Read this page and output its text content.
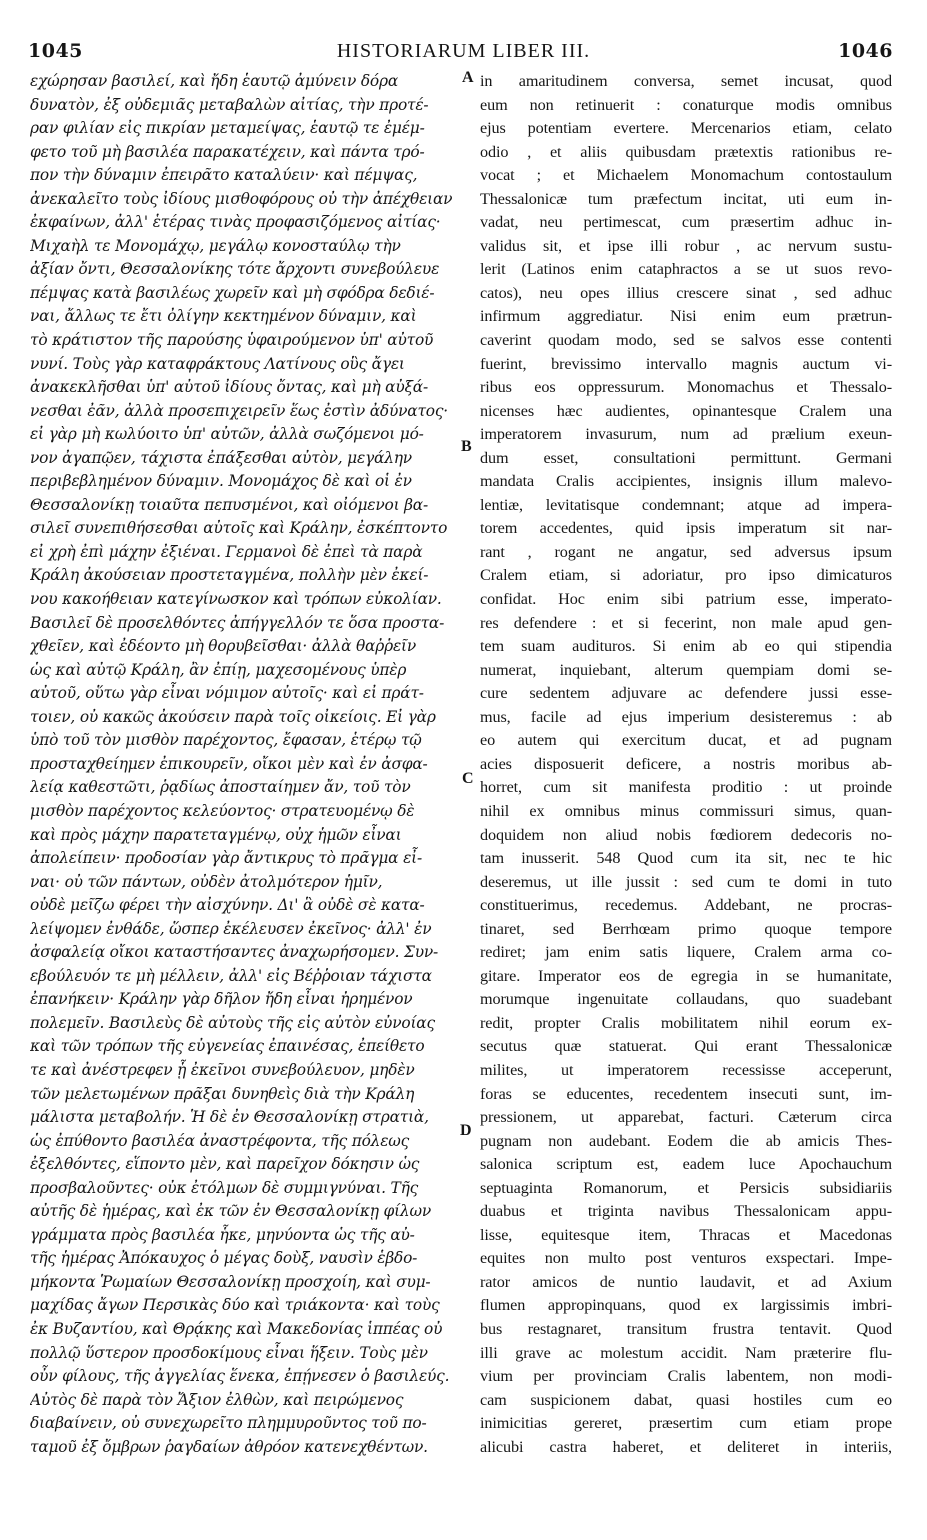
1045	HISTORIARUM LIBER III.	1046
εχώρησαν βασιλεί, καὶ ἤδη ἑαυτῷ ἀμύνειν δόρα
δυνατὸν, ἐξ οὐδεμιᾶς μεταβαλὼν αἰτίας, τὴν προτέ-
ραν φιλίαν εἰς πικρίαν μεταμείψας, ἑαυτῷ τε ἐμέμ-
φετο τοῦ μὴ βασιλέα παρακατέχειν, καὶ πάντα τρό-
πον τὴν δύναμιν ἐπειρᾶτο καταλύειν· καὶ πέμψας,
ἀνεκαλεῖτο τοὺς ἰδίους μισθοφόρους οὐ τὴν ἀπέχθειαν
ἐκφαίνων, ἀλλ' ἑτέρας τινὰς προφασιζόμενος αἰτίας·
Μιχαὴλ τε Μονομάχῳ, μεγάλῳ κονοσταύλῳ τὴν
ἀξίαν ὄντι, Θεσσαλονίκης τότε ἄρχοντι συνεβούλευε
πέμψας κατὰ βασιλέως χωρεῖν καὶ μὴ σφόδρα δεδιέ-
ναι, ἄλλως τε ἔτι ὀλίγην κεκτημένον δύναμιν, καὶ
τὸ κράτιστον τῆς παρούσης ὑφαιρούμενον ὑπ' αὐτοῦ
νυνί. Τοὺς γὰρ καταφράκτους Λατίνους οὓς ἄγει
ἀνακεκλῆσθαι ὑπ' αὐτοῦ ἰδίους ὄντας, καὶ μὴ αὐξά-
νεσθαι ἐᾶν, ἀλλὰ προσεπιχειρεῖν ἕως ἐστὶν ἀδύνατος·
εἰ γὰρ μὴ κωλύοιτο ὑπ' αὐτῶν, ἀλλὰ σωζόμενοι μό-
νον ἀγαπῷεν, τάχιστα ἐπάξεσθαι αὐτὸν, μεγάλην
περιβεβλημένον δύναμιν. Μονομάχος δὲ καὶ οἱ ἐν
Θεσσαλονίκῃ τοιαῦτα πεπυσμένοι, καὶ οἰόμενοι βα-
σιλεῖ συνεπιθήσεσθαι αὐτοῖς καὶ Κράλην, ἐσκέπτοντο
εἰ χρὴ ἐπὶ μάχην ἐξιέναι. Γερμανοὶ δὲ ἐπεὶ τὰ παρὰ
Κράλη ἀκούσειαν προστεταγμένα, πολλὴν μὲν ἐκεί-
νου κακοήθειαν κατεγίνωσκον καὶ τρόπων εὐκολίαν.
Βασιλεῖ δὲ προσελθόντες ἀπήγγελλόν τε ὅσα προστα-
χθεῖεν, καὶ ἐδέοντο μὴ θορυβεῖσθαι· ἀλλὰ θαῤῥεῖν
ὡς καὶ αὐτῷ Κράλη, ἂν ἐπίῃ, μαχεσομένους ὑπὲρ
αὐτοῦ, οὕτω γὰρ εἶναι νόμιμον αὐτοῖς· καὶ εἰ πράτ-
τοιεν, οὐ κακῶς ἀκούσειν παρὰ τοῖς οἰκείοις. Εἰ γὰρ
ὑπὸ τοῦ τὸν μισθὸν παρέχοντος, ἔφασαν, ἑτέρῳ τῷ
προσταχθείημεν ἐπικουρεῖν, οἴκοι μὲν καὶ ἐν ἀσφα-
λείᾳ καθεστῶτι, ῥᾳδίως ἀποσταίημεν ἄν, τοῦ τὸν
μισθὸν παρέχοντος κελεύοντος· στρατευομένῳ δὲ
καὶ πρὸς μάχην παρατεταγμένῳ, οὐχ ἡμῶν εἶναι
ἀπολείπειν· προδοσίαν γὰρ ἄντικρυς τὸ πρᾶγμα εἶ-
ναι· οὐ τῶν πάντων, οὐδὲν ἀτολμότερον ἡμῖν,
οὐδὲ μεῖζω φέρει τὴν αἰσχύνην. Δι' ἃ οὐδὲ σὲ κατα-
λείψομεν ἐνθάδε, ὥσπερ ἐκέλευσεν ἐκεῖνος· ἀλλ' ἐν
ἀσφαλείᾳ οἴκοι καταστήσαντες ἀναχωρήσομεν. Συν-
εβούλευόν τε μὴ μέλλειν, ἀλλ' εἰς Βέῤῥοιαν τάχιστα
ἐπανήκειν· Κράλην γὰρ δῆλον ἤδη εἶναι ἠρημένον
πολεμεῖν. Βασιλεὺς δὲ αὐτοὺς τῆς εἰς αὐτὸν εὐνοίας
καὶ τῶν τρόπων τῆς εὐγενείας ἐπαινέσας, ἐπείθετο
τε καὶ ἀνέστρεφεν ᾗ ἐκεῖνοι συνεβούλευον, μηδὲν
τῶν μελετωμένων πρᾶξαι δυνηθεὶς διὰ τὴν Κράλη
μάλιστα μεταβολήν. Ἡ δὲ ἐν Θεσσαλονίκῃ στρατιὰ,
ὡς ἐπύθοντο βασιλέα ἀναστρέφοντα, τῆς πόλεως
ἐξελθόντες, εἵποντο μὲν, καὶ παρεῖχον δόκησιν ὡς
προσβαλοῦντες· οὐκ ἐτόλμων δὲ συμμιγνύναι. Τῆς
αὐτῆς δὲ ἡμέρας, καὶ ἐκ τῶν ἐν Θεσσαλονίκῃ φίλων
γράμματα πρὸς βασιλέα ἧκε, μηνύοντα ὡς τῆς αὐ-
τῆς ἡμέρας Ἀπόκαυχος ὁ μέγας δοὺξ, ναυσὶν ἑβδο-
μήκοντα Ῥωμαίων Θεσσαλονίκῃ προσχοίη, καὶ συμ-
μαχίδας ἄγων Περσικὰς δύο καὶ τριάκοντα· καὶ τοὺς
ἐκ Βυζαντίου, καὶ Θρᾴκης καὶ Μακεδονίας ἱππέας οὐ
πολλῷ ὕστερον προσδοκίμους εἶναι ἥξειν. Τοὺς μὲν
οὖν φίλους, τῆς ἀγγελίας ἕνεκα, ἐπῄνεσεν ὁ βασιλεύς.
Αὐτὸς δὲ παρὰ τὸν Ἄξιον ἐλθὼν, καὶ πειρώμενος
διαβαίνειν, οὐ συνεχωρεῖτο πλημμυροῦντος τοῦ πο-
ταμοῦ ἐξ ὄμβρων ῥαγδαίων ἀθρόον κατενεχθέντων.
in amaritudinem conversa, semet incusat, quod
eum non retinuerit : conaturque modis omnibus
ejus potentiam evertere. Mercenarios etiam, celato
odio , et aliis quibusdam prætextis rationibus re-
vocat ; et Michaelem Monomachum contostaulum
Thessalonicæ tum præfectum incitat, uti eum in-
vadat, neu pertimescat, cum præsertim adhuc in-
validus sit, et ipse illi robur , ac nervum sustu-
lerit (Latinos enim cataphractos a se ut suos revo-
catos), neu opes illius crescere sinat , sed adhuc
infirmum aggrediatur. Nisi enim eum prætrun-
caverint quodam modo, sed se salvos esse contenti
fuerint, brevissimo intervallo magnis auctum vi-
ribus eos oppressurum. Monomachus et Thessalo-
nicenses hæc audientes, opinantesque Cralem una
imperatorem invasurum, num ad prælium exeun-
dum esset, consultationi permittunt. Germani
mandata Cralis accipientes, insignis illum malevo-
lentiæ, levitatisque condemnant; atque ad impera-
torem accedentes, quid ipsis imperatum sit nar-
rant , rogant ne angatur, sed adversus ipsum
Cralem etiam, si adoriatur, pro ipso dimicaturos
confidat. Hoc enim sibi patrium esse, imperato-
res defendere : et si fecerint, non male apud gen-
tem suam audituros. Si enim ab eo qui stipendia
numerat, inquiebant, alterum quempiam domi se-
cure sedentem adjuvare ac defendere jussi esse-
mus, facile ad ejus imperium desisteremus : ab
eo autem qui exercitum ducat, et ad pugnam
acies disposuerit deficere, a nostris moribus ab-
horret, cum sit manifesta proditio : ut proinde
nihil ex omnibus minus commissuri simus, quan-
doquidem non aliud nobis fœdiorem dedecoris no-
tam inusserit. 548 Quod cum ita sit, nec te hic
deseremus, ut ille jussit : sed cum te domi in tuto
constituerimus, recedemus. Addebant, ne procras-
tinaret, sed Berrhœam primo quoque tempore
rediret; jam enim satis liquere, Cralem arma co-
gitare. Imperator eos de egregia in se humanitate,
morumque ingenuitate collaudans, quo suadebant
redit, propter Cralis mobilitatem nihil eorum ex-
secutus quæ statuerat. Qui erant Thessalonicæ
milites, ut imperatorem recessisse acceperunt,
foras se educentes, recedentem insecuti sunt, im-
pressionem, ut apparebat, facturi. Cæterum circa
pugnam non audebant. Eodem die ab amicis Thes-
salonica scriptum est, eadem luce Apochauchum
septuaginta Romanorum, et Persicis subsidiariis
duabus et triginta navibus Thessalonicam appu-
lisse, equitesque item, Thracas et Macedonas
equites non multo post venturos exspectari. Impe-
rator amicos de nuntio laudavit, et ad Axium
flumen appropinquans, quod ex largissimis imbri-
bus restagnaret, transitum frustra tentavit. Quod
illi grave ac molestum accidit. Nam præterire flu-
vium per provinciam Cralis labentem, non modi-
cam suspicionem dabat, quasi hostiles cum eo
inimicitias gereret, præsertim cum etiam prope
alicubi castra haberet, et deliteret in interiis,
A
B
C
D
